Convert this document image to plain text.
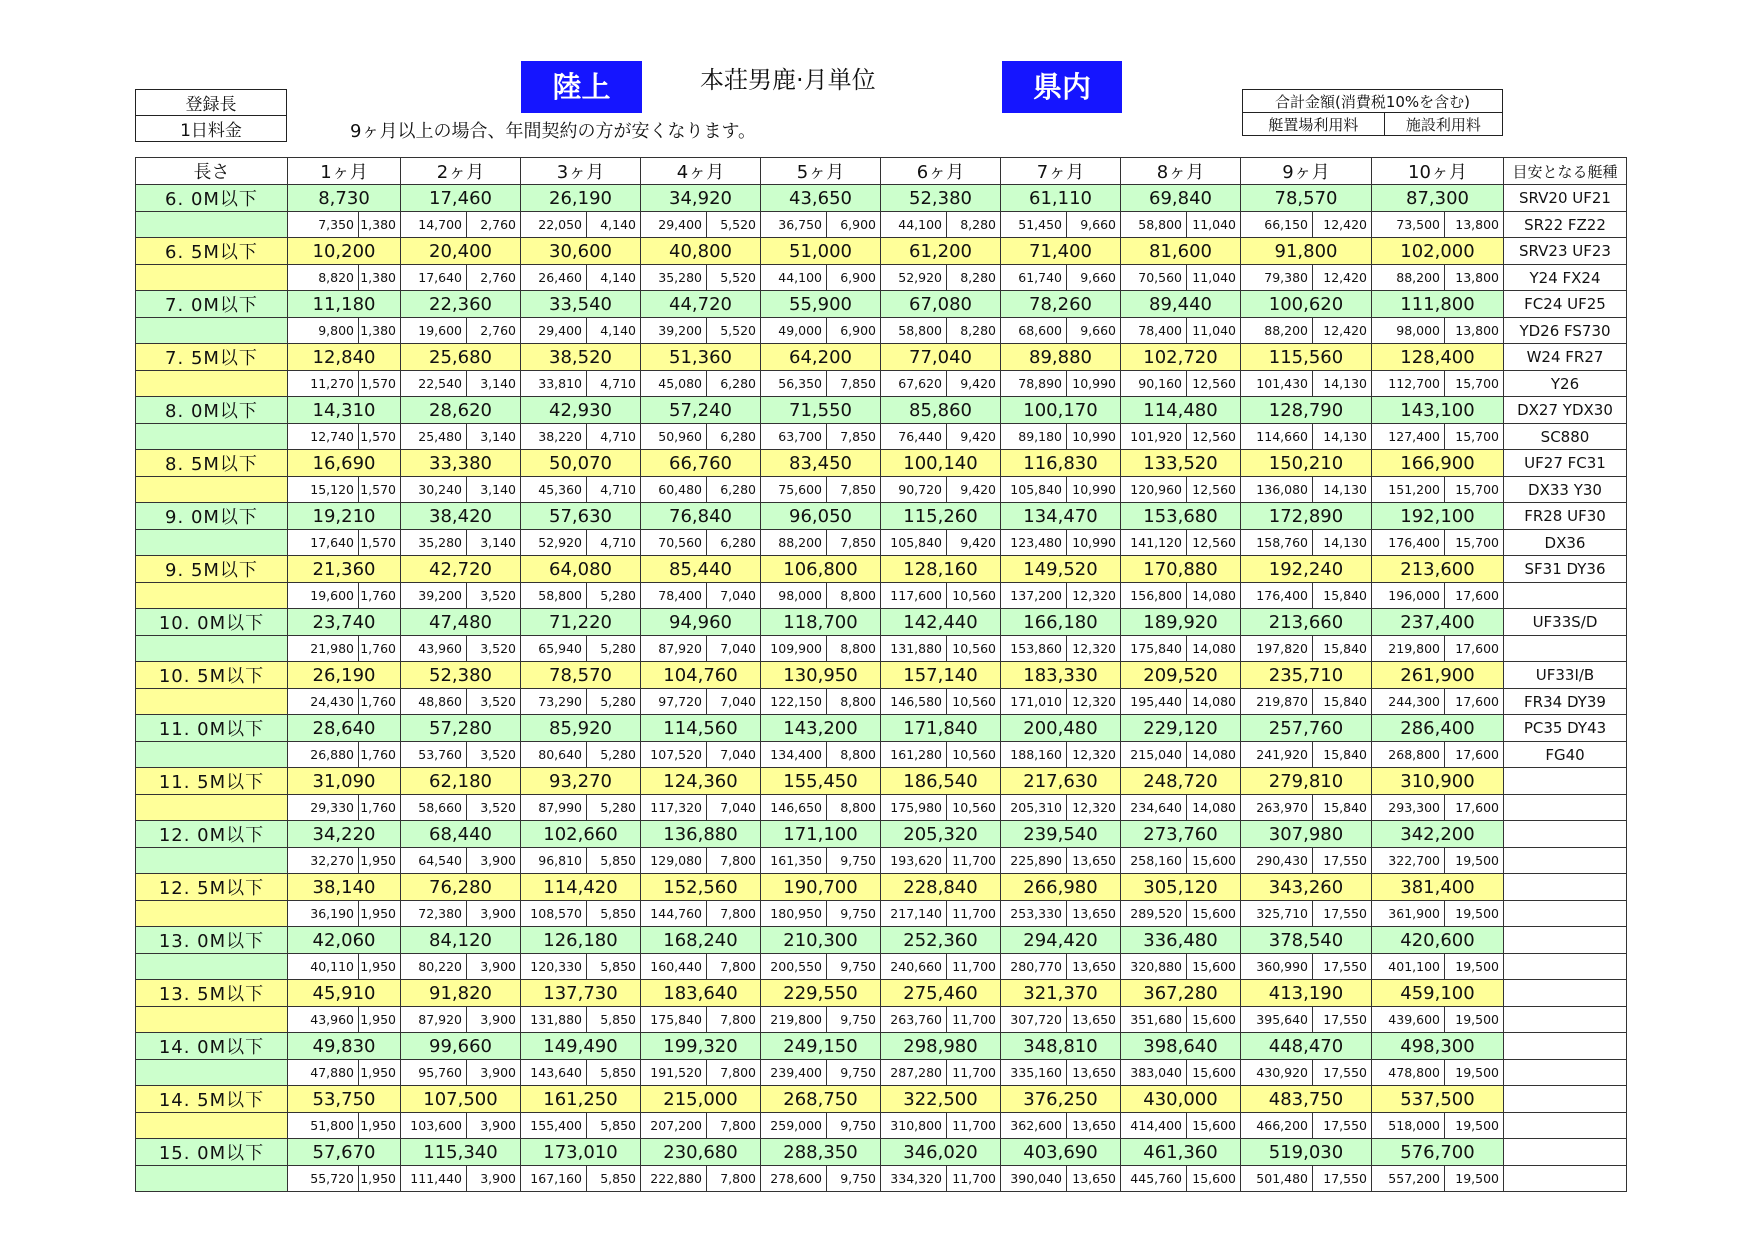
陸上	本荘男鹿·月単位	県内
登録長
1日料金	9ヶ月以上の場合、年間契約の方が安くなります。
合計金額(消費税10%を含む)
艇置場利用料	施設利用料
長さ	1ヶ月		2ヶ月		3ヶ月		4ヶ月		5ヶ月		6ヶ月		7ヶ月		8ヶ月		9ヶ月		10ヶ月		目安となる艇種
6. 0M以下	8,730		17,460		26,190		34,920		43,650		52,380		61,110		69,840		78,570		87,300		SRV20 UF21
	7,350	1,380	14,700	2,760	22,050	4,140	29,400	5,520	36,750	6,900	44,100	8,280	51,450	9,660	58,800	11,040	66,150	12,420	73,500	13,800	SR22 FZ22
6. 5M以下	10,200		20,400		30,600		40,800		51,000		61,200		71,400		81,600		91,800		102,000		SRV23 UF23
	8,820	1,380	17,640	2,760	26,460	4,140	35,280	5,520	44,100	6,900	52,920	8,280	61,740	9,660	70,560	11,040	79,380	12,420	88,200	13,800	Y24 FX24
7. 0M以下	11,180		22,360		33,540		44,720		55,900		67,080		78,260		89,440		100,620		111,800		FC24 UF25
	9,800	1,380	19,600	2,760	29,400	4,140	39,200	5,520	49,000	6,900	58,800	8,280	68,600	9,660	78,400	11,040	88,200	12,420	98,000	13,800	YD26 FS730
7. 5M以下	12,840		25,680		38,520		51,360		64,200		77,040		89,880		102,720		115,560		128,400		W24 FR27
	11,270	1,570	22,540	3,140	33,810	4,710	45,080	6,280	56,350	7,850	67,620	9,420	78,890	10,990	90,160	12,560	101,430	14,130	112,700	15,700	Y26
8. 0M以下	14,310		28,620		42,930		57,240		71,550		85,860		100,170		114,480		128,790		143,100		DX27 YDX30
	12,740	1,570	25,480	3,140	38,220	4,710	50,960	6,280	63,700	7,850	76,440	9,420	89,180	10,990	101,920	12,560	114,660	14,130	127,400	15,700	SC880
8. 5M以下	16,690		33,380		50,070		66,760		83,450		100,140		116,830		133,520		150,210		166,900		UF27 FC31
	15,120	1,570	30,240	3,140	45,360	4,710	60,480	6,280	75,600	7,850	90,720	9,420	105,840	10,990	120,960	12,560	136,080	14,130	151,200	15,700	DX33 Y30
9. 0M以下	19,210		38,420		57,630		76,840		96,050		115,260		134,470		153,680		172,890		192,100		FR28 UF30
	17,640	1,570	35,280	3,140	52,920	4,710	70,560	6,280	88,200	7,850	105,840	9,420	123,480	10,990	141,120	12,560	158,760	14,130	176,400	15,700	DX36
9. 5M以下	21,360		42,720		64,080		85,440		106,800		128,160		149,520		170,880		192,240		213,600		SF31 DY36
	19,600	1,760	39,200	3,520	58,800	5,280	78,400	7,040	98,000	8,800	117,600	10,560	137,200	12,320	156,800	14,080	176,400	15,840	196,000	17,600	
10. 0M以下	23,740		47,480		71,220		94,960		118,700		142,440		166,180		189,920		213,660		237,400		UF33S/D
	21,980	1,760	43,960	3,520	65,940	5,280	87,920	7,040	109,900	8,800	131,880	10,560	153,860	12,320	175,840	14,080	197,820	15,840	219,800	17,600	
10. 5M以下	26,190		52,380		78,570		104,760		130,950		157,140		183,330		209,520		235,710		261,900		UF33I/B
	24,430	1,760	48,860	3,520	73,290	5,280	97,720	7,040	122,150	8,800	146,580	10,560	171,010	12,320	195,440	14,080	219,870	15,840	244,300	17,600	FR34 DY39
11. 0M以下	28,640		57,280		85,920		114,560		143,200		171,840		200,480		229,120		257,760		286,400		PC35 DY43
	26,880	1,760	53,760	3,520	80,640	5,280	107,520	7,040	134,400	8,800	161,280	10,560	188,160	12,320	215,040	14,080	241,920	15,840	268,800	17,600	FG40
11. 5M以下	31,090		62,180		93,270		124,360		155,450		186,540		217,630		248,720		279,810		310,900		
	29,330	1,760	58,660	3,520	87,990	5,280	117,320	7,040	146,650	8,800	175,980	10,560	205,310	12,320	234,640	14,080	263,970	15,840	293,300	17,600	
12. 0M以下	34,220		68,440		102,660		136,880		171,100		205,320		239,540		273,760		307,980		342,200		
	32,270	1,950	64,540	3,900	96,810	5,850	129,080	7,800	161,350	9,750	193,620	11,700	225,890	13,650	258,160	15,600	290,430	17,550	322,700	19,500	
12. 5M以下	38,140		76,280		114,420		152,560		190,700		228,840		266,980		305,120		343,260		381,400		
	36,190	1,950	72,380	3,900	108,570	5,850	144,760	7,800	180,950	9,750	217,140	11,700	253,330	13,650	289,520	15,600	325,710	17,550	361,900	19,500	
13. 0M以下	42,060		84,120		126,180		168,240		210,300		252,360		294,420		336,480		378,540		420,600		
	40,110	1,950	80,220	3,900	120,330	5,850	160,440	7,800	200,550	9,750	240,660	11,700	280,770	13,650	320,880	15,600	360,990	17,550	401,100	19,500	
13. 5M以下	45,910		91,820		137,730		183,640		229,550		275,460		321,370		367,280		413,190		459,100		
	43,960	1,950	87,920	3,900	131,880	5,850	175,840	7,800	219,800	9,750	263,760	11,700	307,720	13,650	351,680	15,600	395,640	17,550	439,600	19,500	
14. 0M以下	49,830		99,660		149,490		199,320		249,150		298,980		348,810		398,640		448,470		498,300		
	47,880	1,950	95,760	3,900	143,640	5,850	191,520	7,800	239,400	9,750	287,280	11,700	335,160	13,650	383,040	15,600	430,920	17,550	478,800	19,500	
14. 5M以下	53,750		107,500		161,250		215,000		268,750		322,500		376,250		430,000		483,750		537,500		
	51,800	1,950	103,600	3,900	155,400	5,850	207,200	7,800	259,000	9,750	310,800	11,700	362,600	13,650	414,400	15,600	466,200	17,550	518,000	19,500	
15. 0M以下	57,670		115,340		173,010		230,680		288,350		346,020		403,690		461,360		519,030		576,700		
	55,720	1,950	111,440	3,900	167,160	5,850	222,880	7,800	278,600	9,750	334,320	11,700	390,040	13,650	445,760	15,600	501,480	17,550	557,200	19,500	
